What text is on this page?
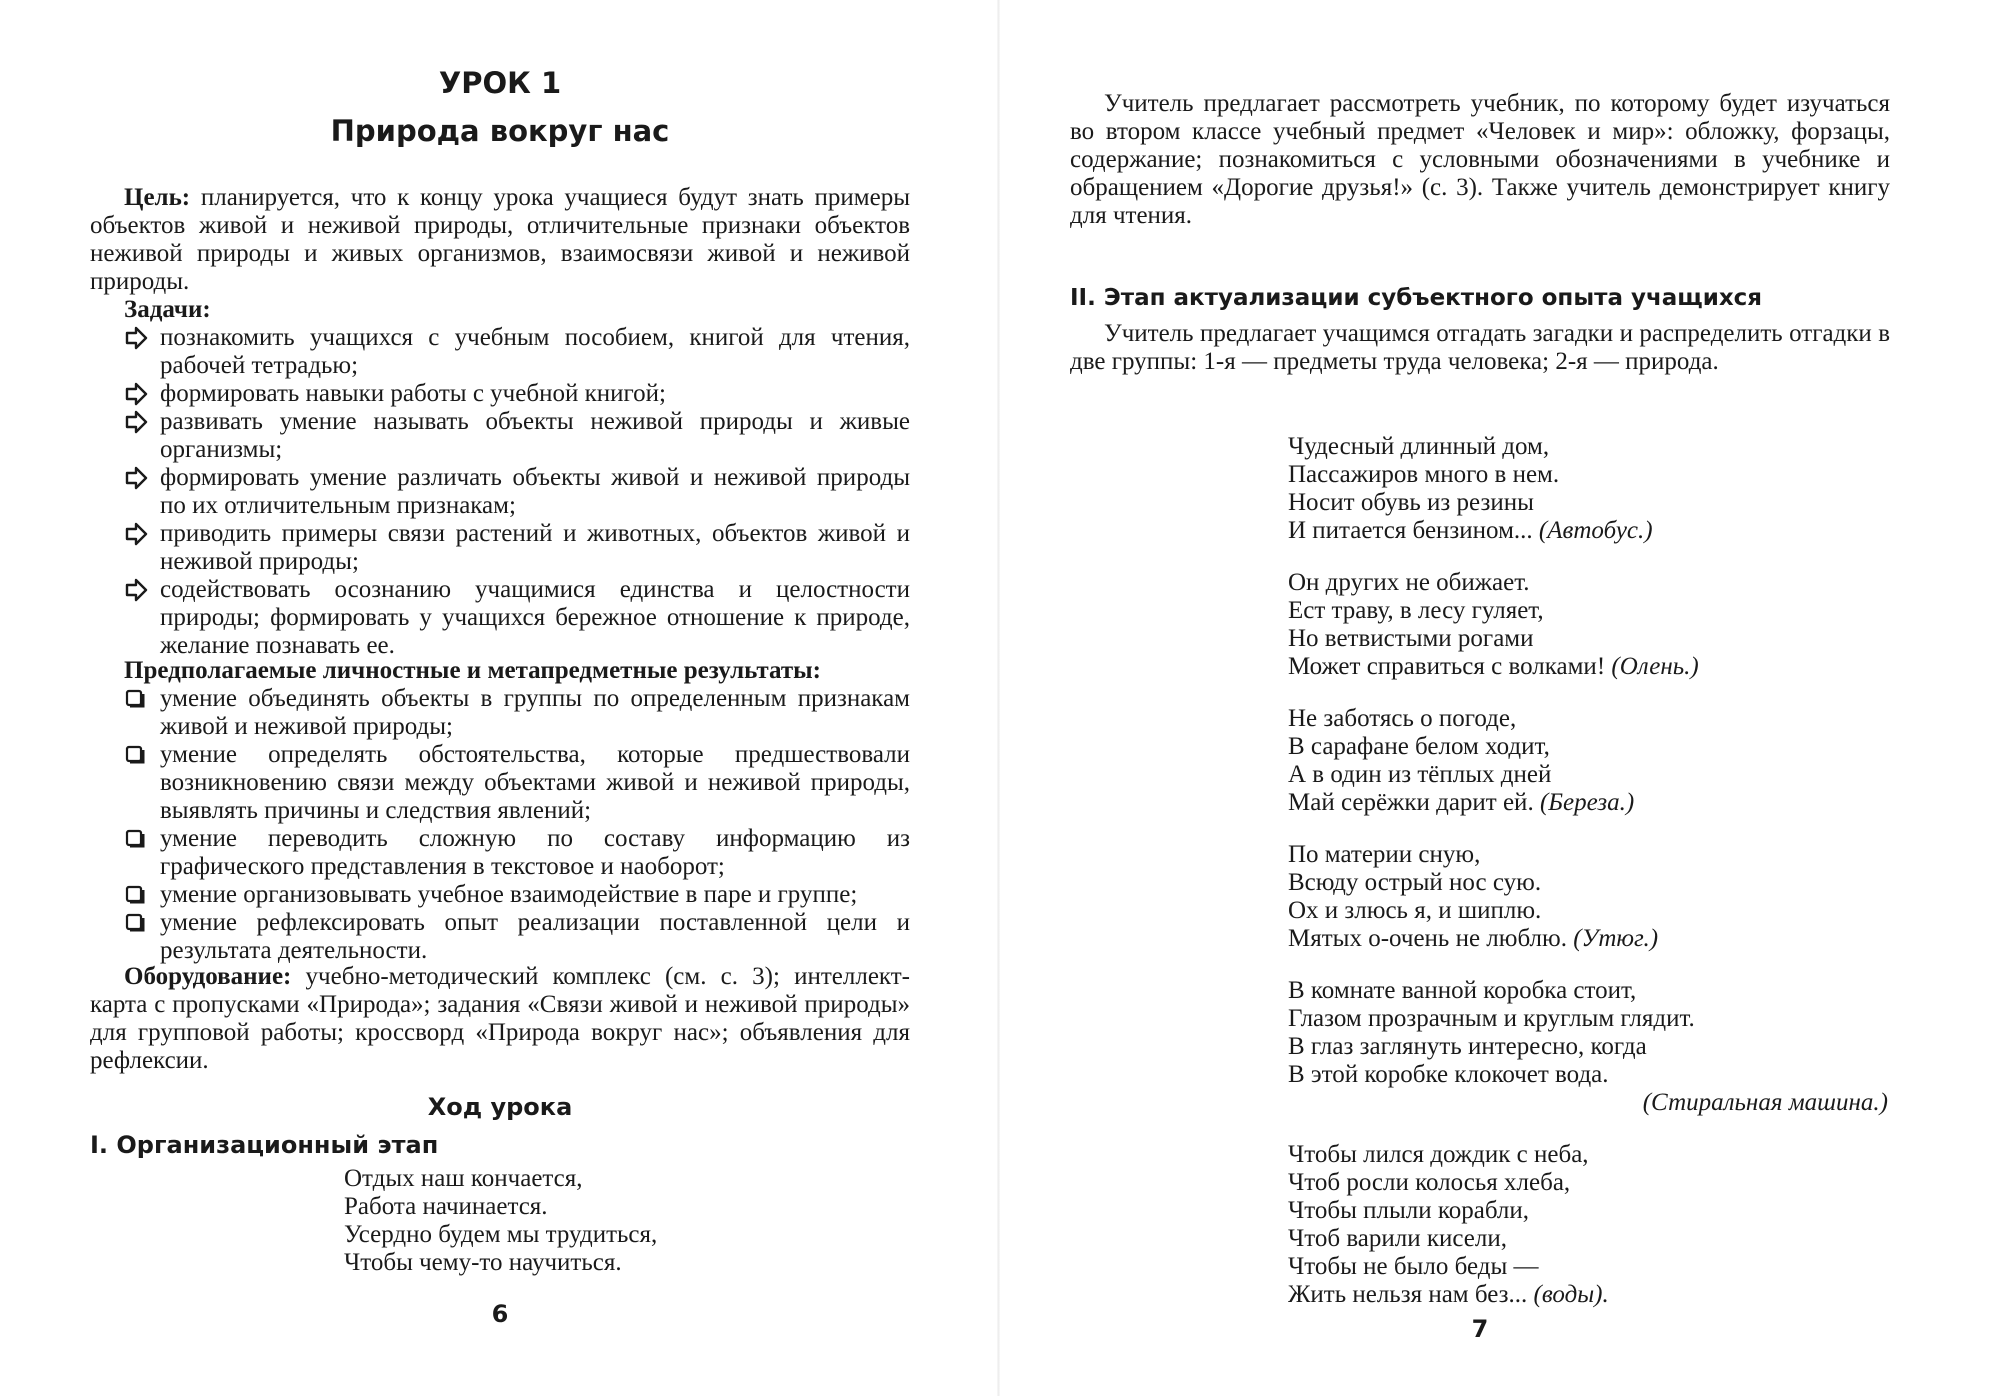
УРОК 1
Природа вокруг нас
Цель: планируется, что к концу урока учащиеся будут знать примеры объектов живой и неживой природы, отличительные признаки объектов неживой природы и живых организмов, взаимосвязи живой и неживой природы.
Задачи:
познакомить учащихся с учебным пособием, книгой для чтения, рабочей тетрадью;
формировать навыки работы с учебной книгой;
развивать умение называть объекты неживой природы и живые организмы;
формировать умение различать объекты живой и неживой природы по их отличительным признакам;
приводить примеры связи растений и животных, объектов живой и неживой природы;
содействовать осознанию учащимися единства и целостности природы; формировать у учащихся бережное отношение к природе, желание познавать ее.
Предполагаемые личностные и метапредметные результаты:
умение объединять объекты в группы по определенным признакам живой и неживой природы;
умение определять обстоятельства, которые предшествовали возникновению связи между объектами живой и неживой природы, выявлять причины и следствия явлений;
умение переводить сложную по составу информацию из графического представления в текстовое и наоборот;
умение организовывать учебное взаимодействие в паре и группе;
умение рефлексировать опыт реализации поставленной цели и результата деятельности.
Оборудование: учебно-методический комплекс (см. с. 3); интеллект-карта с пропусками «Природа»; задания «Связи живой и неживой природы» для групповой работы; кроссворд «Природа вокруг нас»; объявления для рефлексии.
Ход урока
I. Организационный этап
Отдых наш кончается,
Работа начинается.
Усердно будем мы трудиться,
Чтобы чему-то научиться.
6
Учитель предлагает рассмотреть учебник, по которому будет изучаться во втором классе учебный предмет «Человек и мир»: обложку, форзацы, содержание; познакомиться с условными обозначениями в учебнике и обращением «Дорогие друзья!» (с. 3). Также учитель демонстрирует книгу для чтения.
II. Этап актуализации субъектного опыта учащихся
Учитель предлагает учащимся отгадать загадки и распределить отгадки в две группы: 1-я — предметы труда человека; 2-я — природа.
Чудесный длинный дом,
Пассажиров много в нем.
Носит обувь из резины
И питается бензином... (Автобус.)
Он других не обижает.
Ест траву, в лесу гуляет,
Но ветвистыми рогами
Может справиться с волками! (Олень.)
Не заботясь о погоде,
В сарафане белом ходит,
А в один из тёплых дней
Май серёжки дарит ей. (Береза.)
По материи сную,
Всюду острый нос сую.
Ох и злюсь я, и шиплю.
Мятых о-очень не люблю. (Утюг.)
В комнате ванной коробка стоит,
Глазом прозрачным и круглым глядит.
В глаз заглянуть интересно, когда
В этой коробке клокочет вода.
(Стиральная машина.)
Чтобы лился дождик с неба,
Чтоб росли колосья хлеба,
Чтобы плыли корабли,
Чтоб варили кисели,
Чтобы не было беды —
Жить нельзя нам без... (воды).
7
